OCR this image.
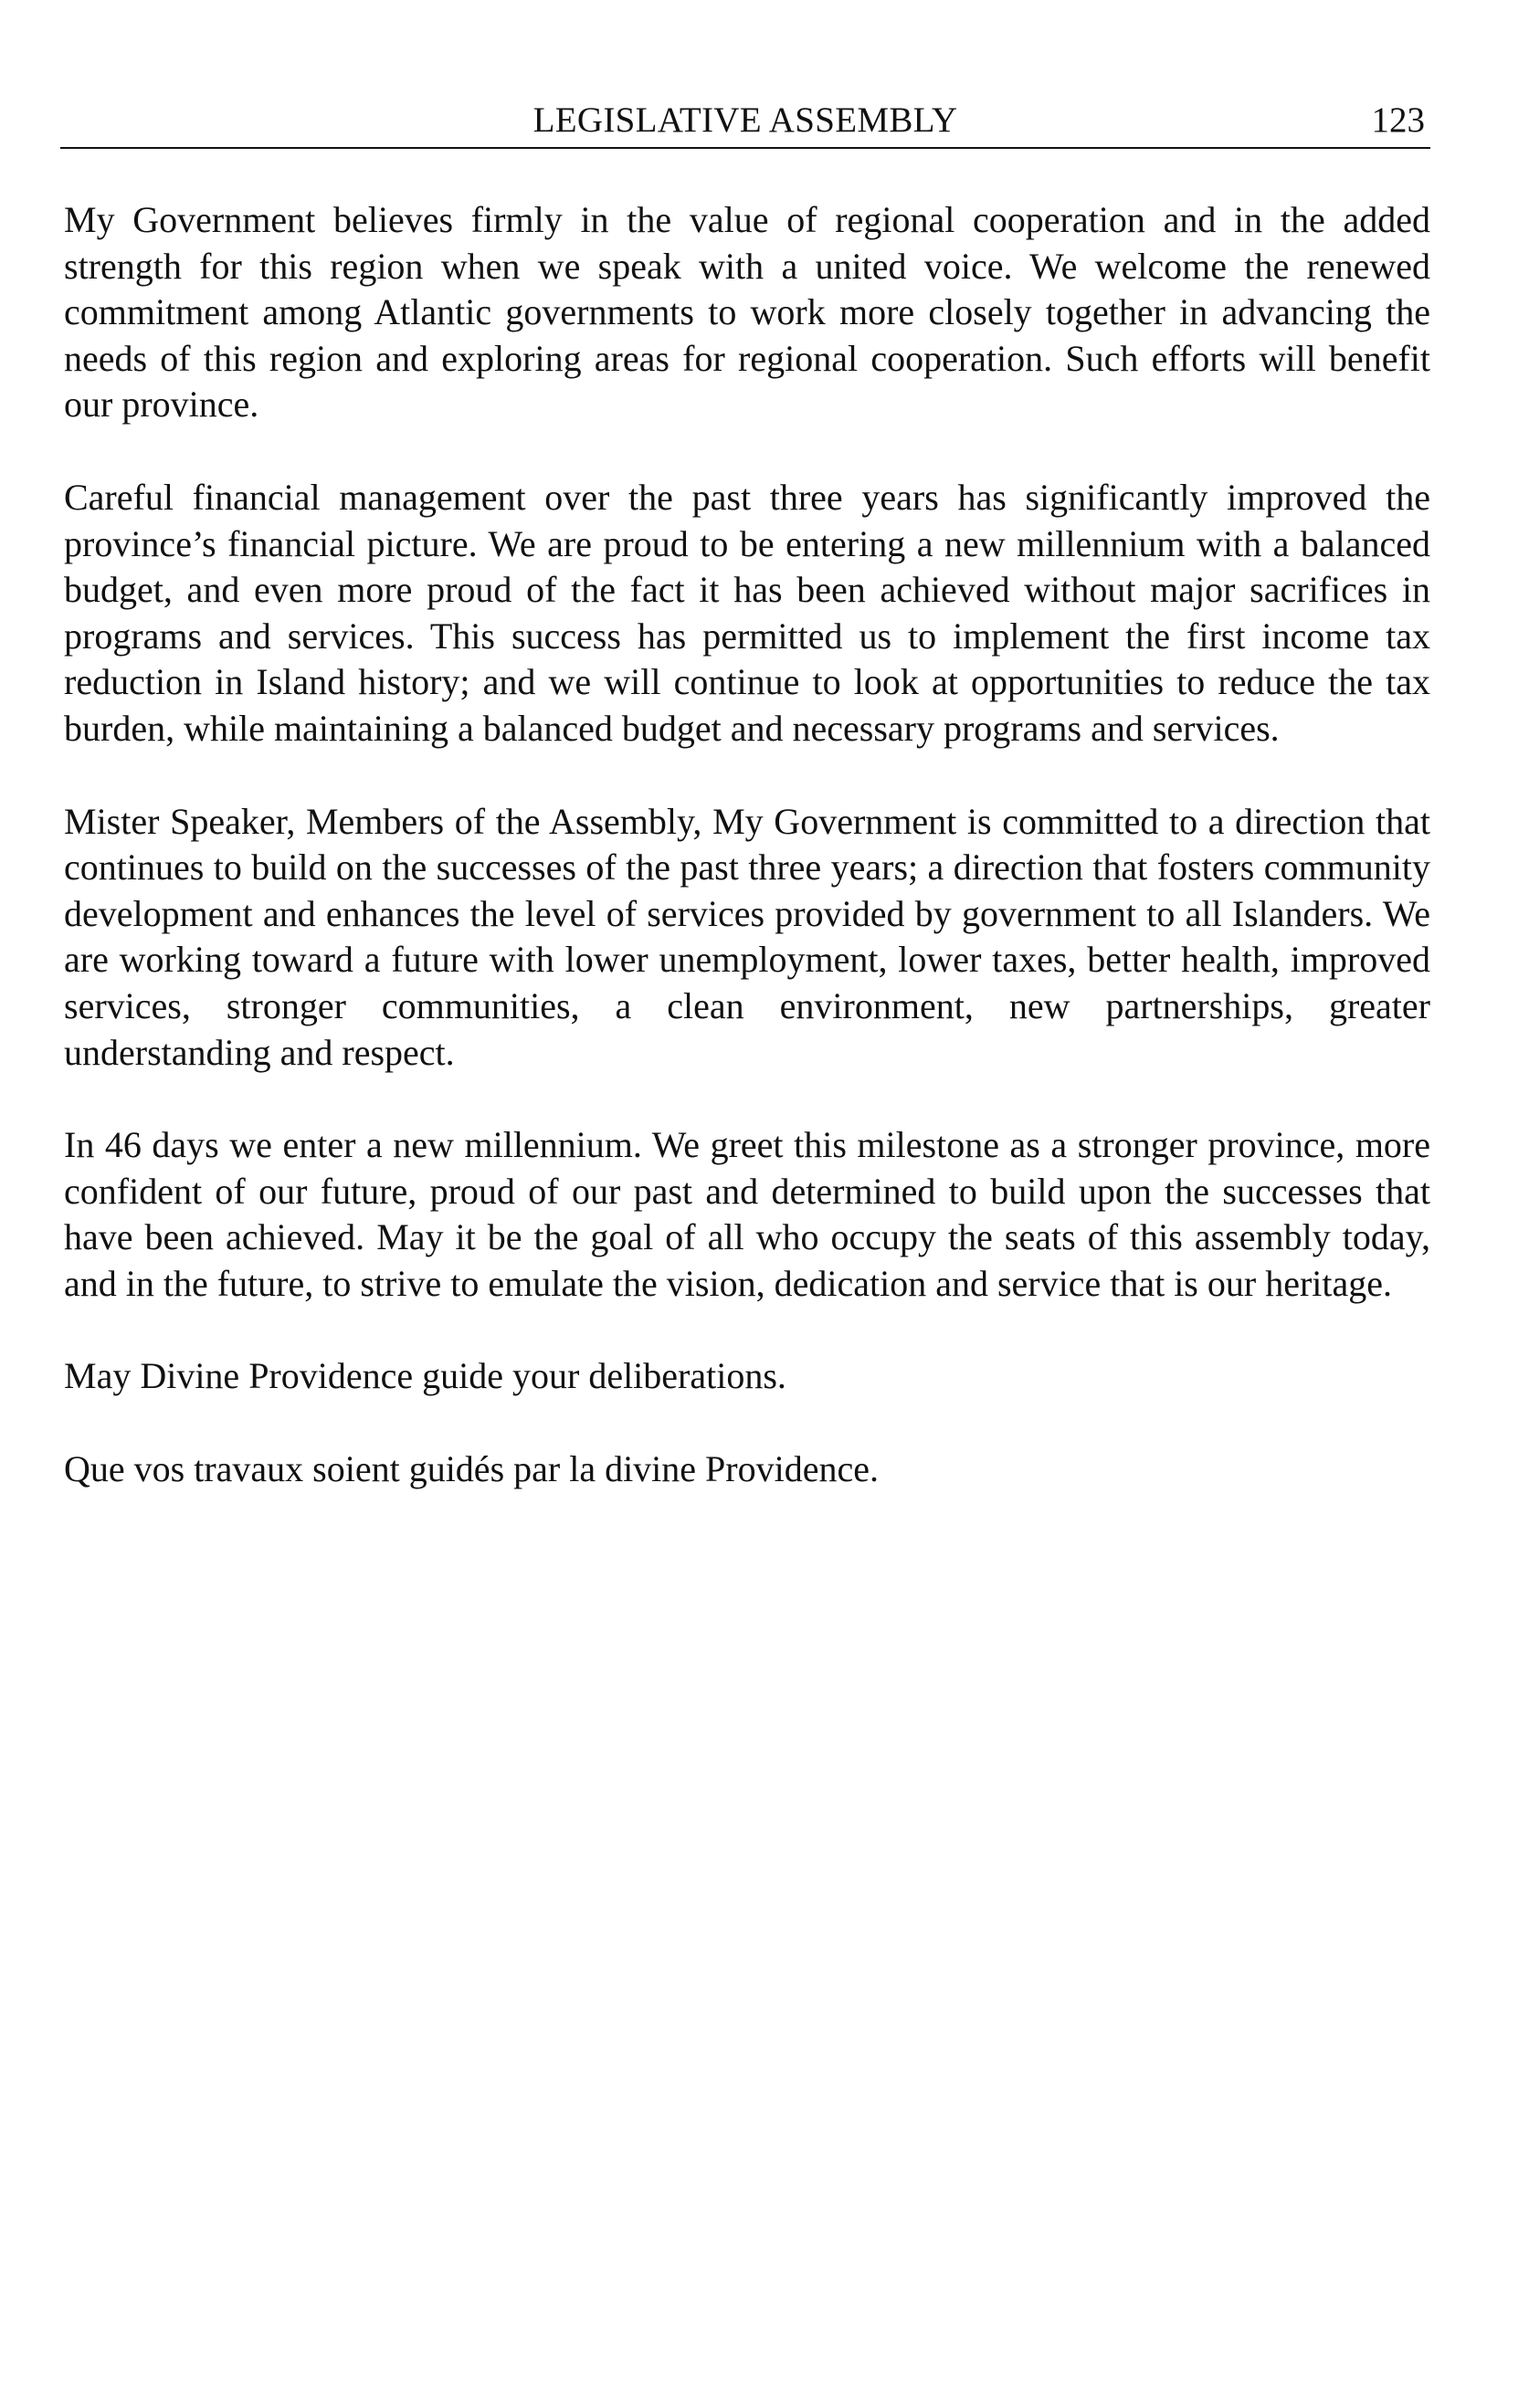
LEGISLATIVE ASSEMBLY	123

My Government believes firmly in the value of regional cooperation and in the added strength for this region when we speak with a united voice. We welcome the renewed commitment among Atlantic governments to work more closely together in advancing the needs of this region and exploring areas for regional cooperation. Such efforts will benefit our province.

Careful financial management over the past three years has significantly improved the province’s financial picture. We are proud to be entering a new millennium with a balanced budget, and even more proud of the fact it has been achieved without major sacrifices in programs and services. This success has permitted us to implement the first income tax reduction in Island history; and we will continue to look at opportunities to reduce the tax burden, while maintaining a balanced budget and necessary programs and services.

Mister Speaker, Members of the Assembly, My Government is committed to a direction that continues to build on the successes of the past three years; a direction that fosters community development and enhances the level of services provided by government to all Islanders. We are working toward a future with lower unemployment, lower taxes, better health, improved services, stronger communities, a clean environment, new partnerships, greater understanding and respect.

In 46 days we enter a new millennium. We greet this milestone as a stronger province, more confident of our future, proud of our past and determined to build upon the successes that have been achieved. May it be the goal of all who occupy the seats of this assembly today, and in the future, to strive to emulate the vision, dedication and service that is our heritage.

May Divine Providence guide your deliberations.

Que vos travaux soient guidés par la divine Providence.
